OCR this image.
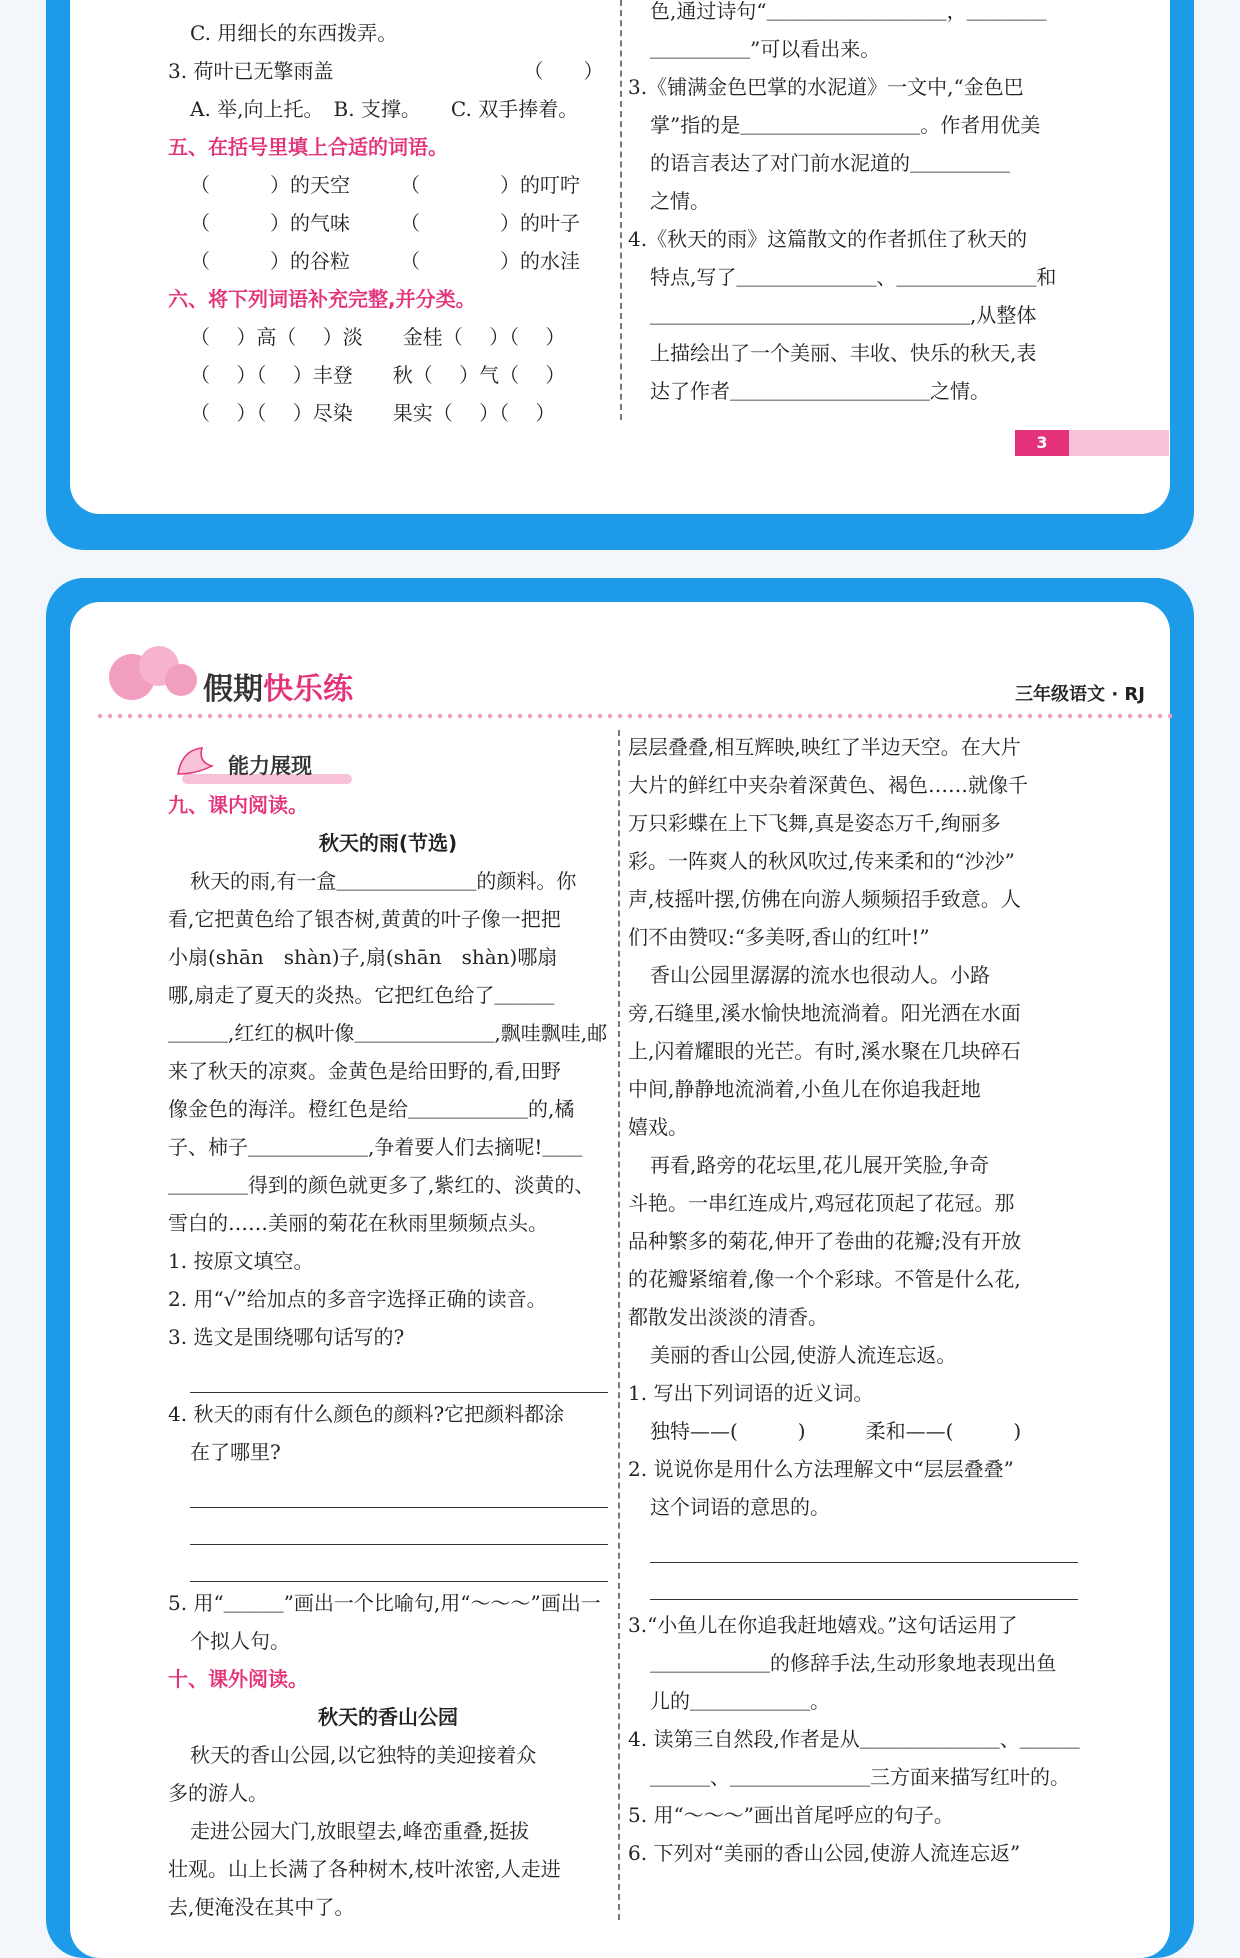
C. 用细长的东西拨弄。

3. 荷叶已无擎雨盖　　　　　　　　　　（　　）

A. 举,向上托。　B. 支撑。　　C. 双手捧着。

五、在括号里填上合适的词语。

（　　　）的天空　　　（　　　　）的叮咛

（　　　）的气味　　　（　　　　）的叶子

（　　　）的谷粒　　　（　　　　）的水洼

六、将下列词语补充完整,并分类。

（　 ）高（　 ）淡　　金桂（　 ）（　 ）

（　 ）（　 ）丰登　　秋（　 ）气（　 ）

（　 ）（　 ）尽染　　果实（　 ）（　 ）

色,通过诗句“＿＿＿＿＿＿＿＿＿，＿＿＿＿

＿＿＿＿＿”可以看出来。

3.《铺满金色巴掌的水泥道》一文中,“金色巴

掌”指的是＿＿＿＿＿＿＿＿＿。作者用优美

的语言表达了对门前水泥道的＿＿＿＿＿

之情。

4.《秋天的雨》这篇散文的作者抓住了秋天的

特点,写了＿＿＿＿＿＿＿、＿＿＿＿＿＿＿和

＿＿＿＿＿＿＿＿＿＿＿＿＿＿＿＿,从整体

上描绘出了一个美丽、丰收、快乐的秋天,表

达了作者＿＿＿＿＿＿＿＿＿＿之情。

3
假期快乐练	三年级语文 · RJ
能力展现

九、课内阅读。

秋天的雨(节选)

秋天的雨,有一盒＿＿＿＿＿＿＿的颜料。你

看,它把黄色给了银杏树,黄黄的叶子像一把把

小扇(shān　shàn)子,扇(shān　shàn)哪扇

哪,扇走了夏天的炎热。它把红色给了＿＿＿

＿＿＿,红红的枫叶像＿＿＿＿＿＿＿,飘哇飘哇,邮

来了秋天的凉爽。金黄色是给田野的,看,田野

像金色的海洋。橙红色是给＿＿＿＿＿＿的,橘

子、柿子＿＿＿＿＿＿,争着要人们去摘呢!＿＿

＿＿＿＿得到的颜色就更多了,紫红的、淡黄的、

雪白的……美丽的菊花在秋雨里频频点头。

1. 按原文填空。

2. 用“√”给加点的多音字选择正确的读音。

3. 选文是围绕哪句话写的?

4. 秋天的雨有什么颜色的颜料?它把颜料都涂

在了哪里?

5. 用“＿＿＿”画出一个比喻句,用“～～～”画出一

个拟人句。

十、课外阅读。

秋天的香山公园

秋天的香山公园,以它独特的美迎接着众

多的游人。

走进公园大门,放眼望去,峰峦重叠,挺拔

壮观。山上长满了各种树木,枝叶浓密,人走进

去,便淹没在其中了。

层层叠叠,相互辉映,映红了半边天空。在大片

大片的鲜红中夹杂着深黄色、褐色……就像千

万只彩蝶在上下飞舞,真是姿态万千,绚丽多

彩。一阵爽人的秋风吹过,传来柔和的“沙沙”

声,枝摇叶摆,仿佛在向游人频频招手致意。人

们不由赞叹:“多美呀,香山的红叶!”

香山公园里潺潺的流水也很动人。小路

旁,石缝里,溪水愉快地流淌着。阳光洒在水面

上,闪着耀眼的光芒。有时,溪水聚在几块碎石

中间,静静地流淌着,小鱼儿在你追我赶地

嬉戏。

再看,路旁的花坛里,花儿展开笑脸,争奇

斗艳。一串红连成片,鸡冠花顶起了花冠。那

品种繁多的菊花,伸开了卷曲的花瓣;没有开放

的花瓣紧缩着,像一个个彩球。不管是什么花,

都散发出淡淡的清香。

美丽的香山公园,使游人流连忘返。

1. 写出下列词语的近义词。

独特——(　　　)　　　柔和——(　　　)

2. 说说你是用什么方法理解文中“层层叠叠”

这个词语的意思的。

3.“小鱼儿在你追我赶地嬉戏。”这句话运用了

＿＿＿＿＿＿的修辞手法,生动形象地表现出鱼

儿的＿＿＿＿＿＿。

4. 读第三自然段,作者是从＿＿＿＿＿＿＿、＿＿＿

＿＿＿、＿＿＿＿＿＿＿三方面来描写红叶的。

5. 用“～～～”画出首尾呼应的句子。

6. 下列对“美丽的香山公园,使游人流连忘返”
